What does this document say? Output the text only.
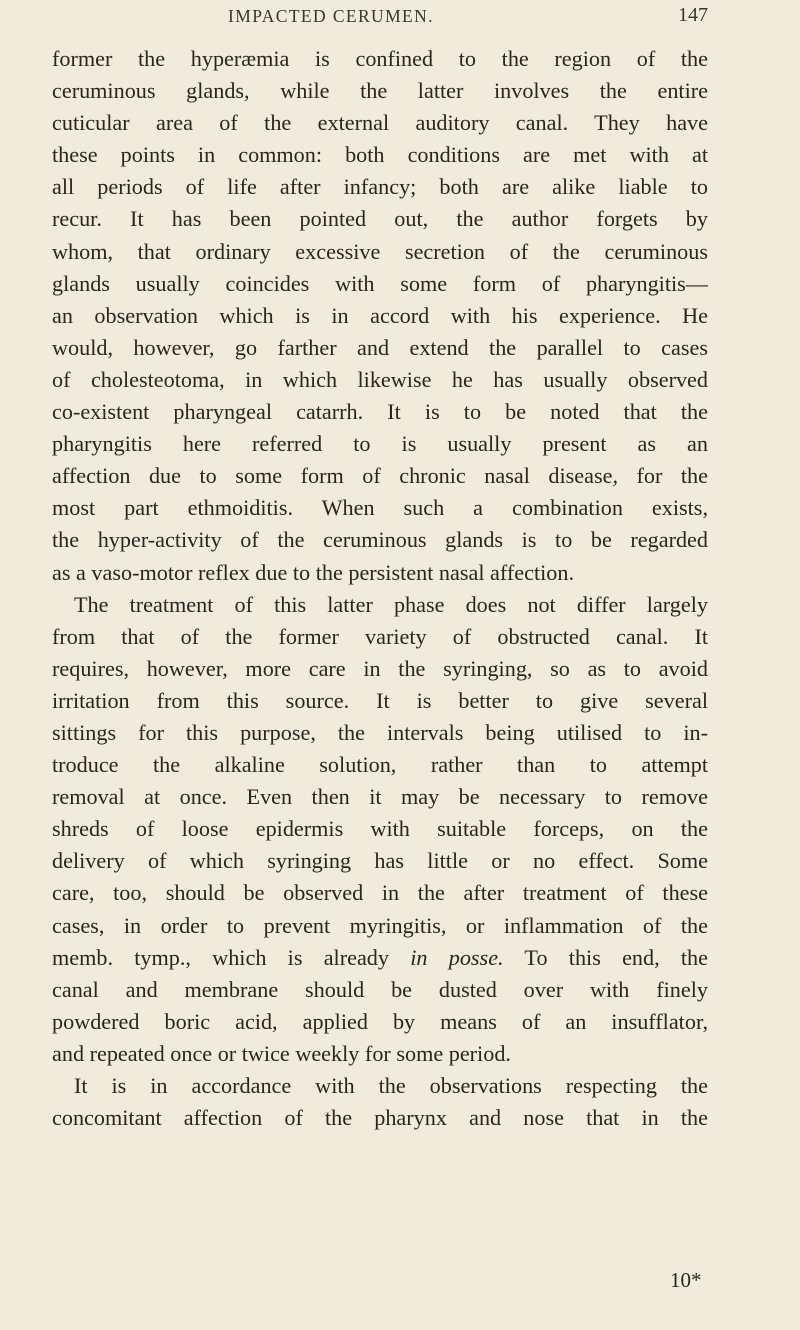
IMPACTED CERUMEN.	147
former the hyperæmia is confined to the region of the
ceruminous glands, while the latter involves the entire
cuticular area of the external auditory canal. They have
these points in common: both conditions are met with at
all periods of life after infancy; both are alike liable to
recur. It has been pointed out, the author forgets by
whom, that ordinary excessive secretion of the ceruminous
glands usually coincides with some form of pharyngitis—
an observation which is in accord with his experience. He
would, however, go farther and extend the parallel to cases
of cholesteotoma, in which likewise he has usually observed
co-existent pharyngeal catarrh. It is to be noted that the
pharyngitis here referred to is usually present as an
affection due to some form of chronic nasal disease, for the
most part ethmoiditis. When such a combination exists,
the hyper-activity of the ceruminous glands is to be regarded
as a vaso-motor reflex due to the persistent nasal affection.
The treatment of this latter phase does not differ largely
from that of the former variety of obstructed canal. It
requires, however, more care in the syringing, so as to avoid
irritation from this source. It is better to give several
sittings for this purpose, the intervals being utilised to in-
troduce the alkaline solution, rather than to attempt
removal at once. Even then it may be necessary to remove
shreds of loose epidermis with suitable forceps, on the
delivery of which syringing has little or no effect. Some
care, too, should be observed in the after treatment of these
cases, in order to prevent myringitis, or inflammation of the
memb. tymp., which is already in posse. To this end, the
canal and membrane should be dusted over with finely
powdered boric acid, applied by means of an insufflator,
and repeated once or twice weekly for some period.
It is in accordance with the observations respecting the
concomitant affection of the pharynx and nose that in the
10*
